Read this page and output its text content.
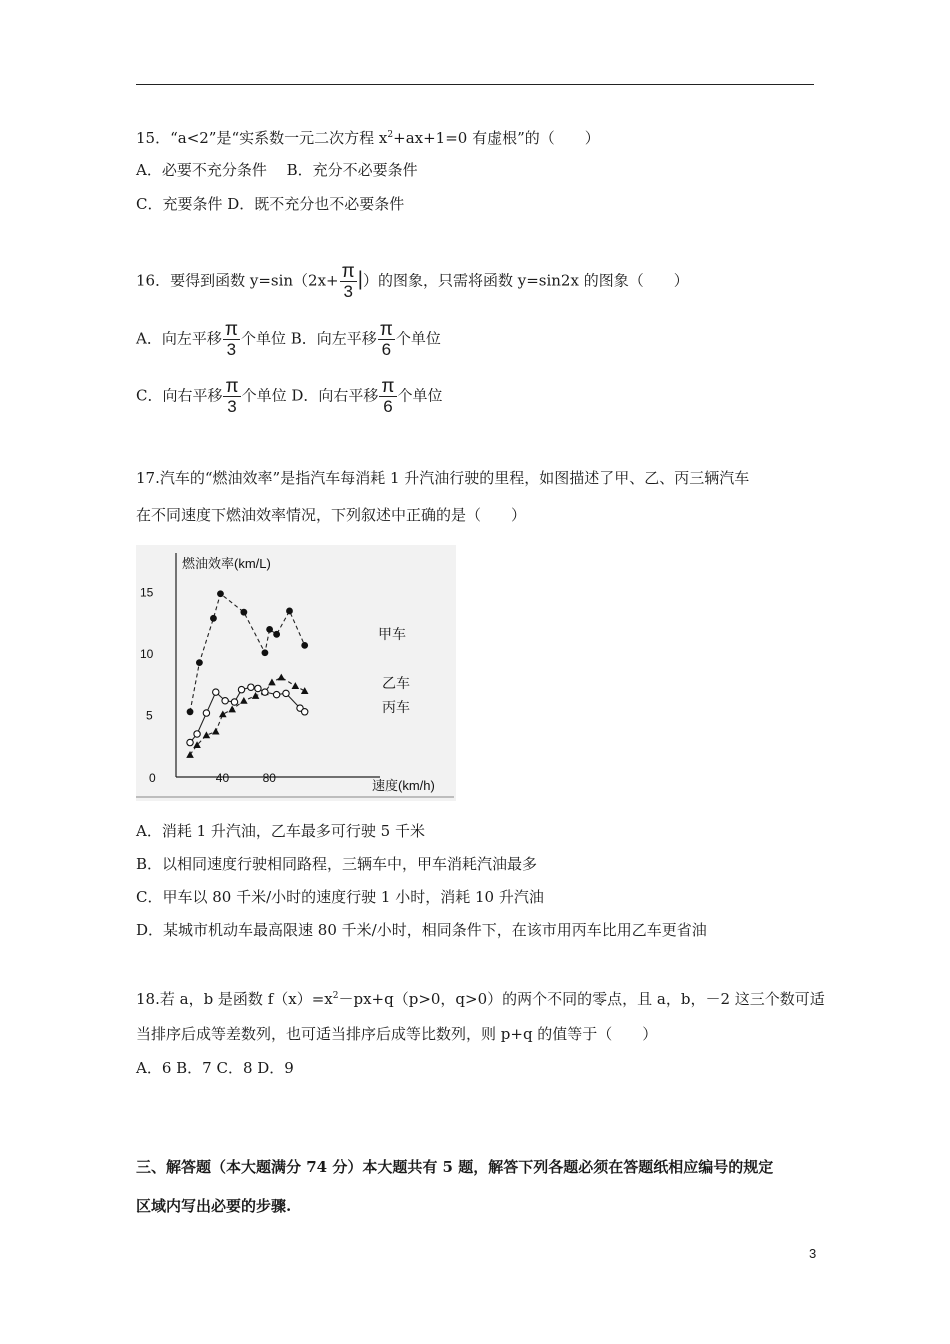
15．“a<2”是“实系数一元二次方程 $x^2+ax+1=0$ 有虚根”的（　　）
A．必要不充分条件　 B．充分不必要条件
C．充要条件 D．既不充分也不必要条件
16．要得到函数 $y=\sin(2x+ \frac{\pi}{3}$ |）的图象，只需将函数 y=sin2x 的图象（　　）
A．向左平移 $\frac{\pi}{3}$ 个单位 B．向左平移 $\frac{\pi}{6}$ 个单位
C．向右平移 $\frac{\pi}{3}$ 个单位 D．向右平移 $\frac{\pi}{6}$ 个单位
17.汽车的“燃油效率”是指汽车每消耗 1 升汽油行驶的里程，如图描述了甲、乙、丙三辆汽车
在不同速度下燃油效率情况，下列叙述中正确的是（　　）
燃油效率(km/L)
速度(km/h)
0	40	80
5
10
15
甲车
乙车
丙车
A．消耗 1 升汽油，乙车最多可行驶 5 千米
B．以相同速度行驶相同路程，三辆车中，甲车消耗汽油最多
C．甲车以 80 千米/小时的速度行驶 1 小时，消耗 10 升汽油
D．某城市机动车最高限速 80 千米/小时，相同条件下，在该市用丙车比用乙车更省油
18.若 a，b 是函数 $f(x)=x^2-px+q(p>0$，q>0）的两个不同的零点，且 a，b，－2 这三个数可适
当排序后成等差数列，也可适当排序后成等比数列，则 p+q 的值等于（　　）
A．6 B．7 C．8 D．9
三、解答题（本大题满分 74 分）本大题共有 5 题，解答下列各题必须在答题纸相应编号的规定
区域内写出必要的步骤.
3
